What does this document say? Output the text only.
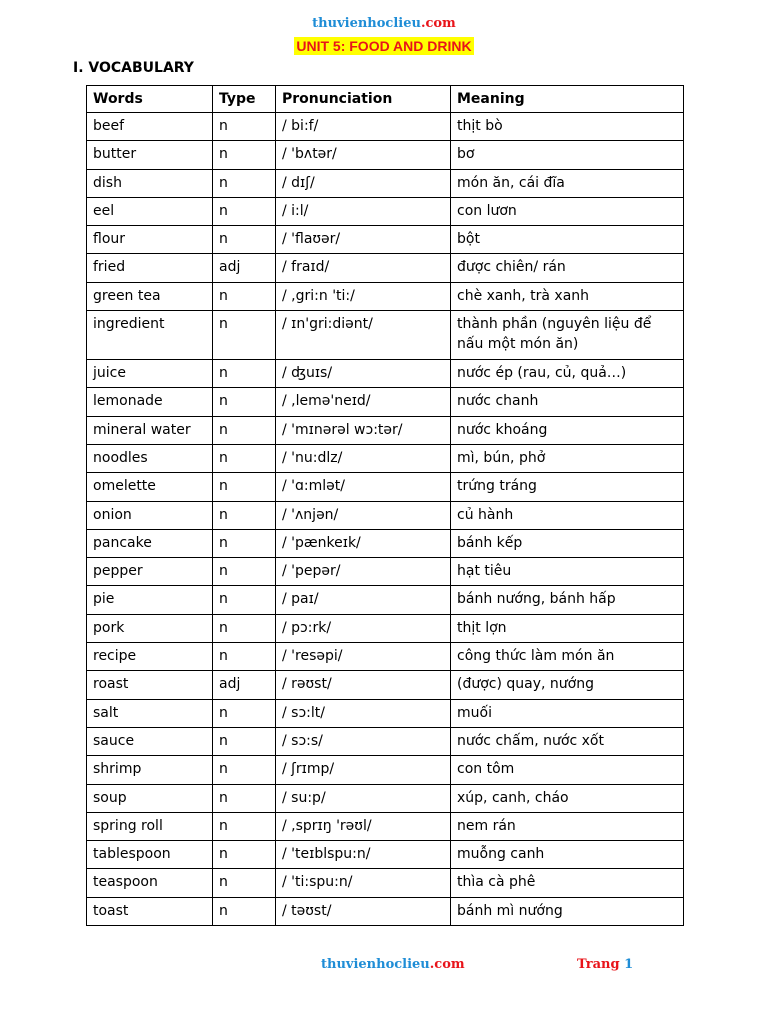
thuvienhoclieu.com
UNIT 5: FOOD AND DRINK
I. VOCABULARY
Words	Type	Pronunciation	Meaning
beef	n	/ bi:f/	thịt bò
butter	n	/ 'bʌtər/	bơ
dish	n	/ dɪʃ/	món ăn, cái đĩa
eel	n	/ i:l/	con lươn
flour	n	/ 'flaʊər/	bột
fried	adj	/ fraɪd/	được chiên/ rán
green tea	n	/ ,gri:n 'ti:/	chè xanh, trà xanh
ingredient	n	/ ɪn'gri:diənt/	thành phần (nguyên liệu để nấu một món ăn)
juice	n	/ ʤuɪs/	nước ép (rau, củ, quả…)
lemonade	n	/ ,lemə'neɪd/	nước chanh
mineral water	n	/ 'mɪnərəl wɔ:tər/	nước khoáng
noodles	n	/ 'nu:dlz/	mì, bún, phở
omelette	n	/ 'ɑ:mlət/	trứng tráng
onion	n	/ 'ʌnjən/	củ hành
pancake	n	/ 'pænkeɪk/	bánh kếp
pepper	n	/ 'pepər/	hạt tiêu
pie	n	/ paɪ/	bánh nướng, bánh hấp
pork	n	/ pɔ:rk/	thịt lợn
recipe	n	/ 'resəpi/	công thức làm món ăn
roast	adj	/ rəʊst/	(được) quay, nướng
salt	n	/ sɔ:lt/	muối
sauce	n	/ sɔ:s/	nước chấm, nước xốt
shrimp	n	/ ʃrɪmp/	con tôm
soup	n	/ su:p/	xúp, canh, cháo
spring roll	n	/ ,sprɪŋ 'rəʊl/	nem rán
tablespoon	n	/ 'teɪblspu:n/	muỗng canh
teaspoon	n	/ 'ti:spu:n/	thìa cà phê
toast	n	/ təʊst/	bánh mì nướng
thuvienhoclieu.com	Trang 1
